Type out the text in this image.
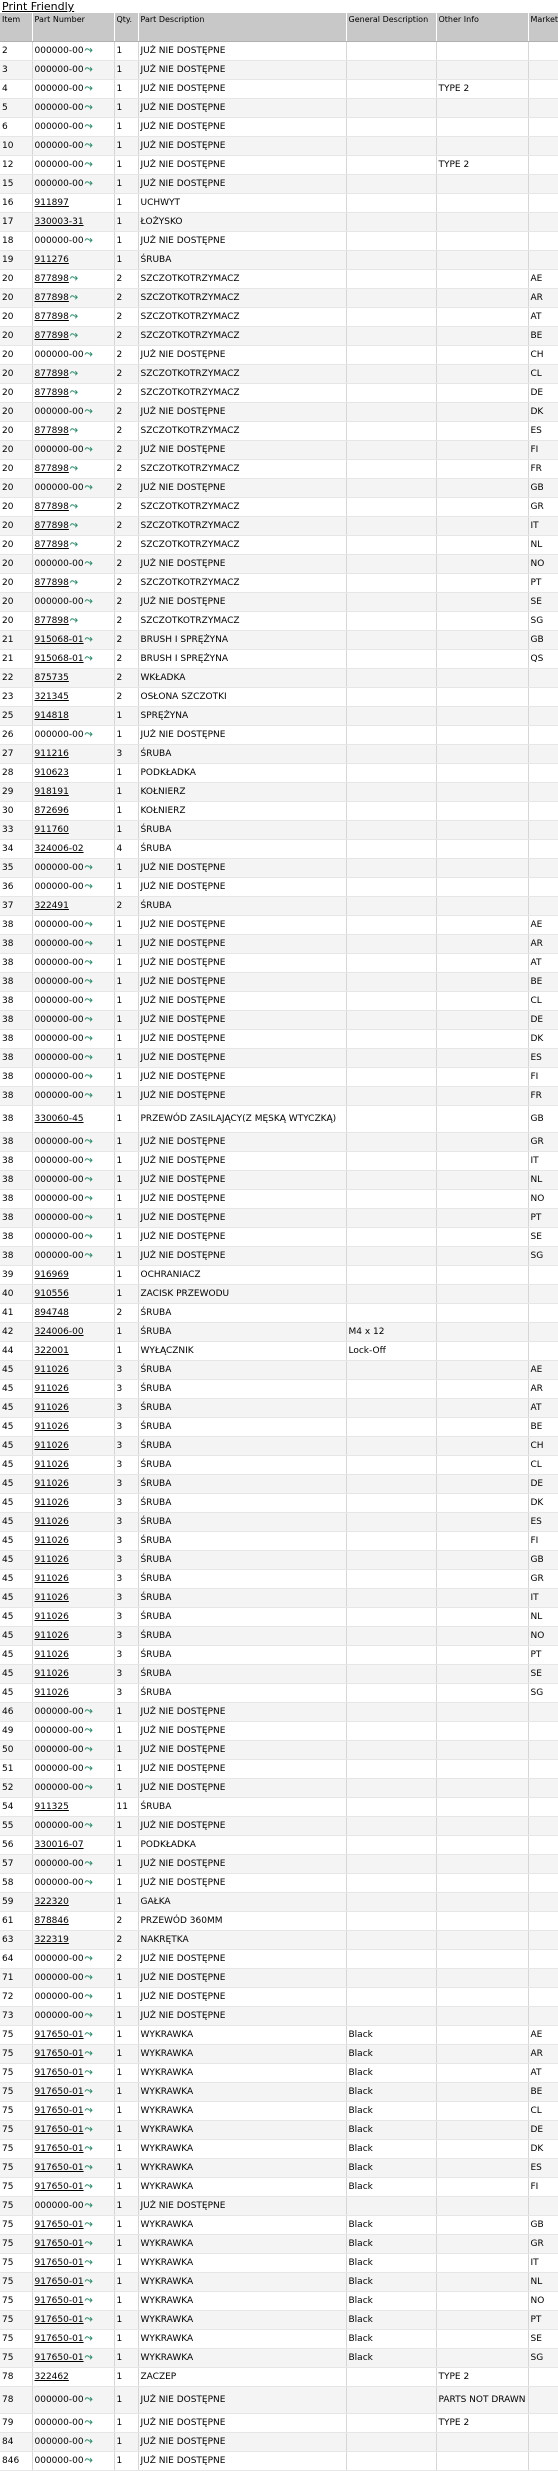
Print Friendly
Item	Part Number	Qty.	Part Description	General Description	Other Info	Market
2	000000-00⤳	1	JUŻ NIE DOSTĘPNE			
3	000000-00⤳	1	JUŻ NIE DOSTĘPNE			
4	000000-00⤳	1	JUŻ NIE DOSTĘPNE		TYPE 2	
5	000000-00⤳	1	JUŻ NIE DOSTĘPNE			
6	000000-00⤳	1	JUŻ NIE DOSTĘPNE			
10	000000-00⤳	1	JUŻ NIE DOSTĘPNE			
12	000000-00⤳	1	JUŻ NIE DOSTĘPNE		TYPE 2	
15	000000-00⤳	1	JUŻ NIE DOSTĘPNE			
16	911897	1	UCHWYT			
17	330003-31	1	ŁOŻYSKO			
18	000000-00⤳	1	JUŻ NIE DOSTĘPNE			
19	911276	1	ŚRUBA			
20	877898⤳	2	SZCZOTKOTRZYMACZ			AE
20	877898⤳	2	SZCZOTKOTRZYMACZ			AR
20	877898⤳	2	SZCZOTKOTRZYMACZ			AT
20	877898⤳	2	SZCZOTKOTRZYMACZ			BE
20	000000-00⤳	2	JUŻ NIE DOSTĘPNE			CH
20	877898⤳	2	SZCZOTKOTRZYMACZ			CL
20	877898⤳	2	SZCZOTKOTRZYMACZ			DE
20	000000-00⤳	2	JUŻ NIE DOSTĘPNE			DK
20	877898⤳	2	SZCZOTKOTRZYMACZ			ES
20	000000-00⤳	2	JUŻ NIE DOSTĘPNE			FI
20	877898⤳	2	SZCZOTKOTRZYMACZ			FR
20	000000-00⤳	2	JUŻ NIE DOSTĘPNE			GB
20	877898⤳	2	SZCZOTKOTRZYMACZ			GR
20	877898⤳	2	SZCZOTKOTRZYMACZ			IT
20	877898⤳	2	SZCZOTKOTRZYMACZ			NL
20	000000-00⤳	2	JUŻ NIE DOSTĘPNE			NO
20	877898⤳	2	SZCZOTKOTRZYMACZ			PT
20	000000-00⤳	2	JUŻ NIE DOSTĘPNE			SE
20	877898⤳	2	SZCZOTKOTRZYMACZ			SG
21	915068-01⤳	2	BRUSH I SPRĘŻYNA			GB
21	915068-01⤳	2	BRUSH I SPRĘŻYNA			QS
22	875735	2	WKŁADKA			
23	321345	2	OSŁONA SZCZOTKI			
25	914818	1	SPRĘŻYNA			
26	000000-00⤳	1	JUŻ NIE DOSTĘPNE			
27	911216	3	ŚRUBA			
28	910623	1	PODKŁADKA			
29	918191	1	KOŁNIERZ			
30	872696	1	KOŁNIERZ			
33	911760	1	ŚRUBA			
34	324006-02	4	ŚRUBA			
35	000000-00⤳	1	JUŻ NIE DOSTĘPNE			
36	000000-00⤳	1	JUŻ NIE DOSTĘPNE			
37	322491	2	ŚRUBA			
38	000000-00⤳	1	JUŻ NIE DOSTĘPNE			AE
38	000000-00⤳	1	JUŻ NIE DOSTĘPNE			AR
38	000000-00⤳	1	JUŻ NIE DOSTĘPNE			AT
38	000000-00⤳	1	JUŻ NIE DOSTĘPNE			BE
38	000000-00⤳	1	JUŻ NIE DOSTĘPNE			CL
38	000000-00⤳	1	JUŻ NIE DOSTĘPNE			DE
38	000000-00⤳	1	JUŻ NIE DOSTĘPNE			DK
38	000000-00⤳	1	JUŻ NIE DOSTĘPNE			ES
38	000000-00⤳	1	JUŻ NIE DOSTĘPNE			FI
38	000000-00⤳	1	JUŻ NIE DOSTĘPNE			FR
38	330060-45	1	PRZEWÓD ZASILAJĄCY(Z MĘSKĄ WTYCZKĄ)			GB
38	000000-00⤳	1	JUŻ NIE DOSTĘPNE			GR
38	000000-00⤳	1	JUŻ NIE DOSTĘPNE			IT
38	000000-00⤳	1	JUŻ NIE DOSTĘPNE			NL
38	000000-00⤳	1	JUŻ NIE DOSTĘPNE			NO
38	000000-00⤳	1	JUŻ NIE DOSTĘPNE			PT
38	000000-00⤳	1	JUŻ NIE DOSTĘPNE			SE
38	000000-00⤳	1	JUŻ NIE DOSTĘPNE			SG
39	916969	1	OCHRANIACZ			
40	910556	1	ZACISK PRZEWODU			
41	894748	2	ŚRUBA			
42	324006-00	1	ŚRUBA	M4 x 12		
44	322001	1	WYŁĄCZNIK	Lock-Off		
45	911026	3	ŚRUBA			AE
45	911026	3	ŚRUBA			AR
45	911026	3	ŚRUBA			AT
45	911026	3	ŚRUBA			BE
45	911026	3	ŚRUBA			CH
45	911026	3	ŚRUBA			CL
45	911026	3	ŚRUBA			DE
45	911026	3	ŚRUBA			DK
45	911026	3	ŚRUBA			ES
45	911026	3	ŚRUBA			FI
45	911026	3	ŚRUBA			GB
45	911026	3	ŚRUBA			GR
45	911026	3	ŚRUBA			IT
45	911026	3	ŚRUBA			NL
45	911026	3	ŚRUBA			NO
45	911026	3	ŚRUBA			PT
45	911026	3	ŚRUBA			SE
45	911026	3	ŚRUBA			SG
46	000000-00⤳	1	JUŻ NIE DOSTĘPNE			
49	000000-00⤳	1	JUŻ NIE DOSTĘPNE			
50	000000-00⤳	1	JUŻ NIE DOSTĘPNE			
51	000000-00⤳	1	JUŻ NIE DOSTĘPNE			
52	000000-00⤳	1	JUŻ NIE DOSTĘPNE			
54	911325	11	ŚRUBA			
55	000000-00⤳	1	JUŻ NIE DOSTĘPNE			
56	330016-07	1	PODKŁADKA			
57	000000-00⤳	1	JUŻ NIE DOSTĘPNE			
58	000000-00⤳	1	JUŻ NIE DOSTĘPNE			
59	322320	1	GAŁKA			
61	878846	2	PRZEWÓD 360MM			
63	322319	2	NAKRĘTKA			
64	000000-00⤳	2	JUŻ NIE DOSTĘPNE			
71	000000-00⤳	1	JUŻ NIE DOSTĘPNE			
72	000000-00⤳	1	JUŻ NIE DOSTĘPNE			
73	000000-00⤳	1	JUŻ NIE DOSTĘPNE			
75	917650-01⤳	1	WYKRAWKA	Black		AE
75	917650-01⤳	1	WYKRAWKA	Black		AR
75	917650-01⤳	1	WYKRAWKA	Black		AT
75	917650-01⤳	1	WYKRAWKA	Black		BE
75	917650-01⤳	1	WYKRAWKA	Black		CL
75	917650-01⤳	1	WYKRAWKA	Black		DE
75	917650-01⤳	1	WYKRAWKA	Black		DK
75	917650-01⤳	1	WYKRAWKA	Black		ES
75	917650-01⤳	1	WYKRAWKA	Black		FI
75	000000-00⤳	1	JUŻ NIE DOSTĘPNE			
75	917650-01⤳	1	WYKRAWKA	Black		GB
75	917650-01⤳	1	WYKRAWKA	Black		GR
75	917650-01⤳	1	WYKRAWKA	Black		IT
75	917650-01⤳	1	WYKRAWKA	Black		NL
75	917650-01⤳	1	WYKRAWKA	Black		NO
75	917650-01⤳	1	WYKRAWKA	Black		PT
75	917650-01⤳	1	WYKRAWKA	Black		SE
75	917650-01⤳	1	WYKRAWKA	Black		SG
78	322462	1	ZACZEP		TYPE 2	
78	000000-00⤳	1	JUŻ NIE DOSTĘPNE		PARTS NOT DRAWN	
79	000000-00⤳	1	JUŻ NIE DOSTĘPNE		TYPE 2	
84	000000-00⤳	1	JUŻ NIE DOSTĘPNE			
846	000000-00⤳	1	JUŻ NIE DOSTĘPNE			
